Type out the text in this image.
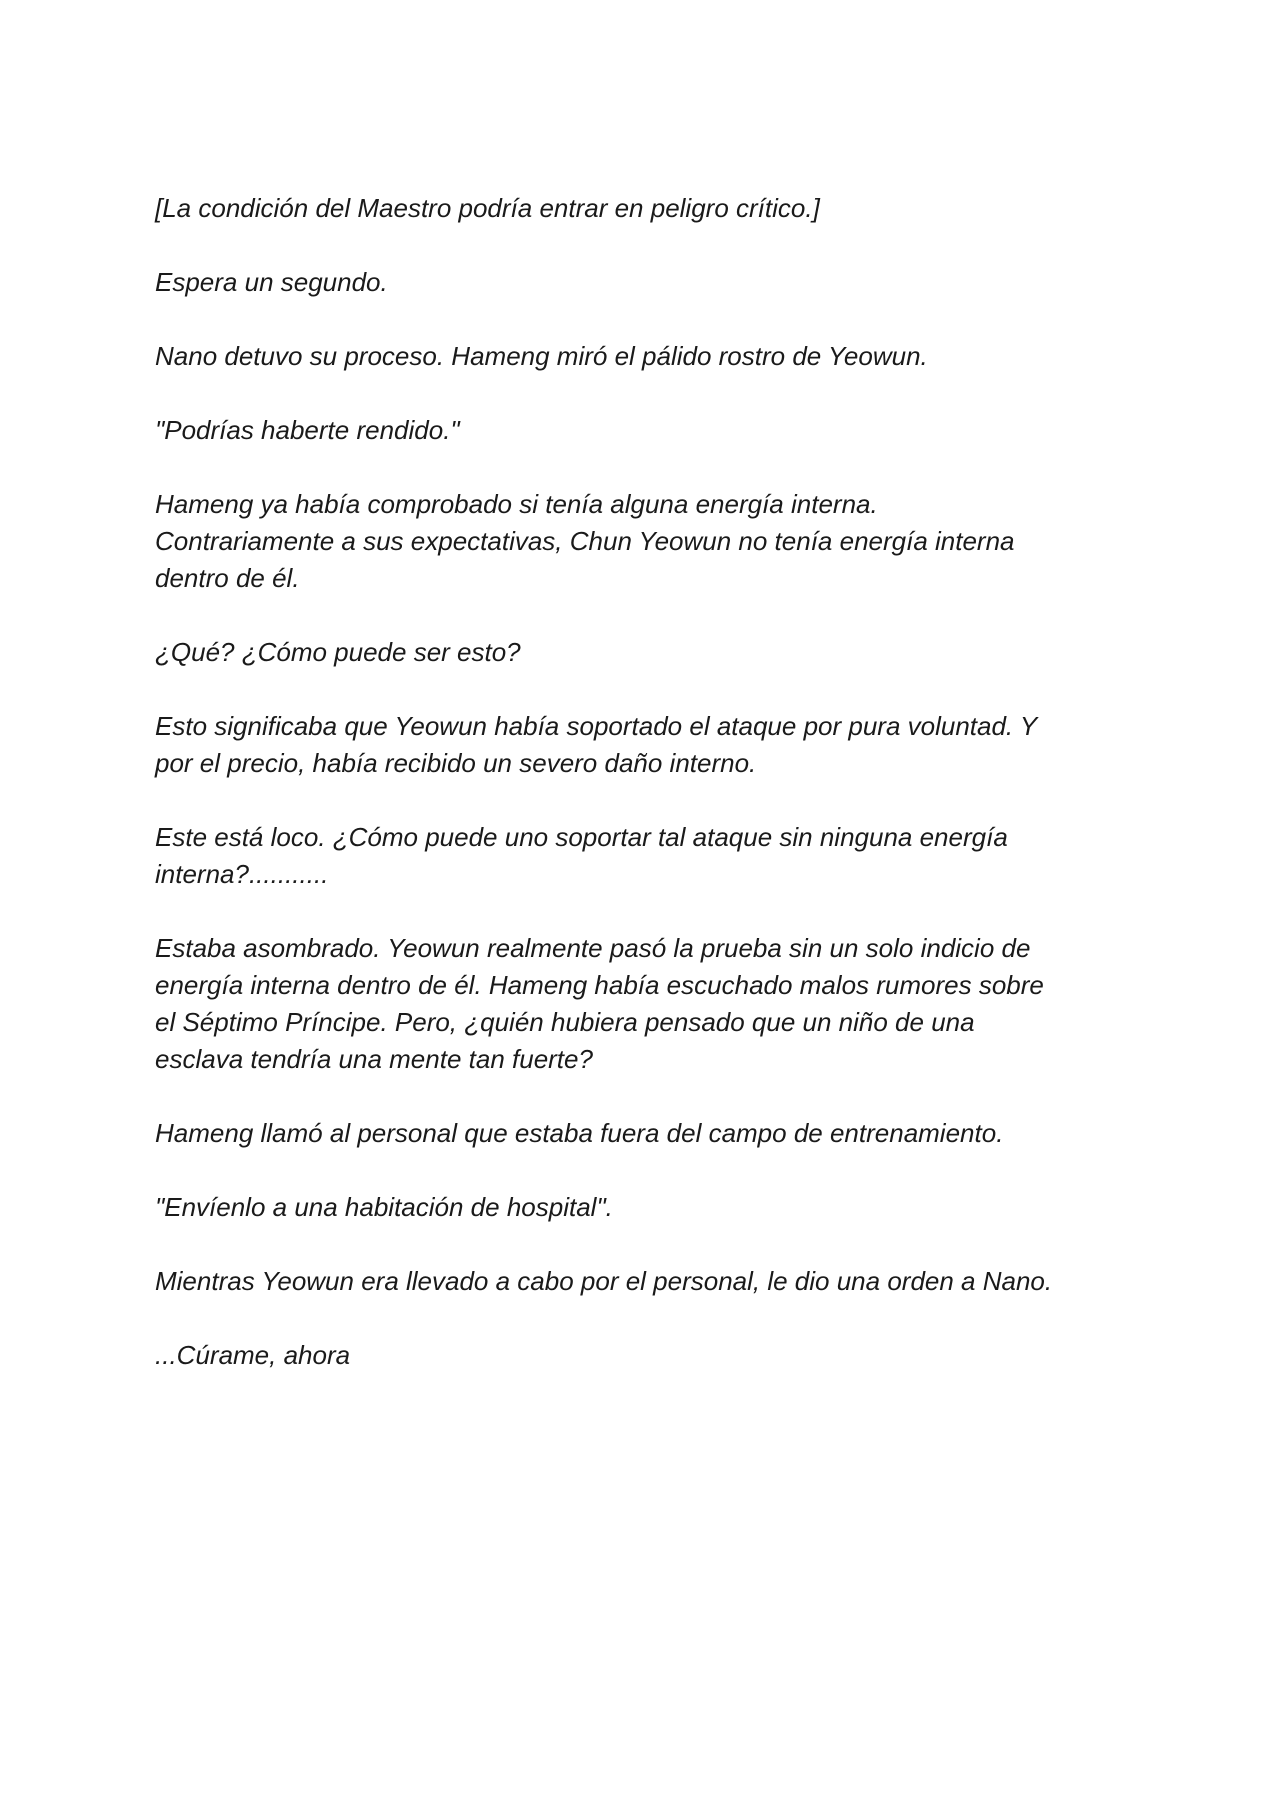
[La condición del Maestro podría entrar en peligro crítico.]

Espera un segundo.

Nano detuvo su proceso. Hameng miró el pálido rostro de Yeowun.

"Podrías haberte rendido."

Hameng ya había comprobado si tenía alguna energía interna.
Contrariamente a sus expectativas, Chun Yeowun no tenía energía interna
dentro de él.

¿Qué? ¿Cómo puede ser esto?

Esto significaba que Yeowun había soportado el ataque por pura voluntad. Y
por el precio, había recibido un severo daño interno.

Este está loco. ¿Cómo puede uno soportar tal ataque sin ninguna energía
interna?...........

Estaba asombrado. Yeowun realmente pasó la prueba sin un solo indicio de
energía interna dentro de él. Hameng había escuchado malos rumores sobre
el Séptimo Príncipe. Pero, ¿quién hubiera pensado que un niño de una
esclava tendría una mente tan fuerte?

Hameng llamó al personal que estaba fuera del campo de entrenamiento.

"Envíenlo a una habitación de hospital".

Mientras Yeowun era llevado a cabo por el personal, le dio una orden a Nano.

...Cúrame, ahora
